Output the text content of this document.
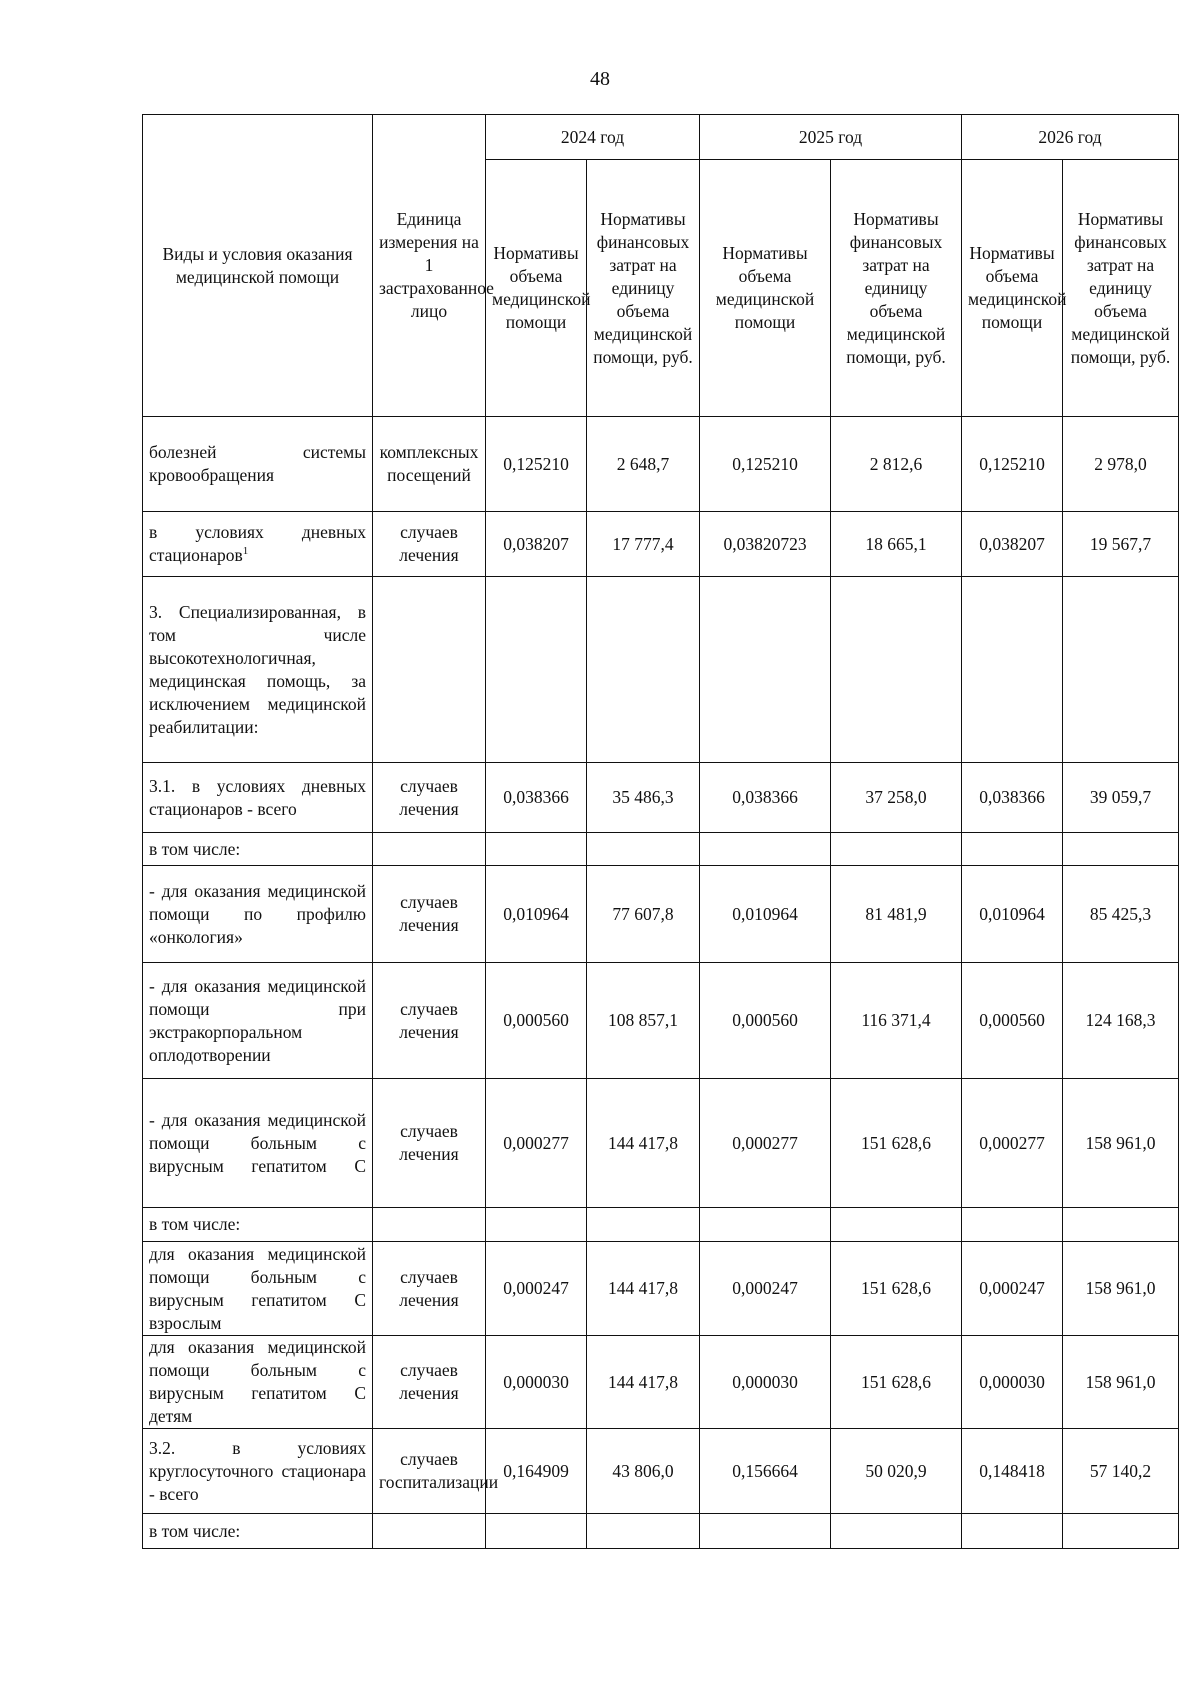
48
Виды и условия оказания медицинской помощи	Единица измерения на 1 застрахованное лицо	2024 год		2025 год		2026 год	
		Нормативы объема медицинской помощи	Нормативы финансовых затрат на единицу объема медицинской помощи, руб.	Нормативы объема медицинской помощи	Нормативы финансовых затрат на единицу объема медицинской помощи, руб.	Нормативы объема медицинской помощи	Нормативы финансовых затрат на единицу объема медицинской помощи, руб.
болезней системы кровообращения	комплексных посещений	0,125210	2 648,7	0,125210	2 812,6	0,125210	2 978,0
в условиях дневных стационаров$^1$	случаев лечения	0,038207	17 777,4	0,03820723	18 665,1	0,038207	19 567,7
3. Специализированная, в том числе высокотехнологичная, медицинская помощь, за исключением медицинской реабилитации:							
3.1. в условиях дневных стационаров - всего	случаев лечения	0,038366	35 486,3	0,038366	37 258,0	0,038366	39 059,7
в том числе:							
- для оказания медицинской помощи по профилю «онкология»	случаев лечения	0,010964	77 607,8	0,010964	81 481,9	0,010964	85 425,3
- для оказания медицинской помощи при экстракорпоральном оплодотворении	случаев лечения	0,000560	108 857,1	0,000560	116 371,4	0,000560	124 168,3
- для оказания медицинской помощи больным с вирусным гепатитом С	случаев лечения	0,000277	144 417,8	0,000277	151 628,6	0,000277	158 961,0
в том числе:							
для оказания медицинской помощи больным с вирусным гепатитом С взрослым	случаев лечения	0,000247	144 417,8	0,000247	151 628,6	0,000247	158 961,0
для оказания медицинской помощи больным с вирусным гепатитом С детям	случаев лечения	0,000030	144 417,8	0,000030	151 628,6	0,000030	158 961,0
3.2. в условиях круглосуточного стационара - всего	случаев госпитализации	0,164909	43 806,0	0,156664	50 020,9	0,148418	57 140,2
в том числе:							
